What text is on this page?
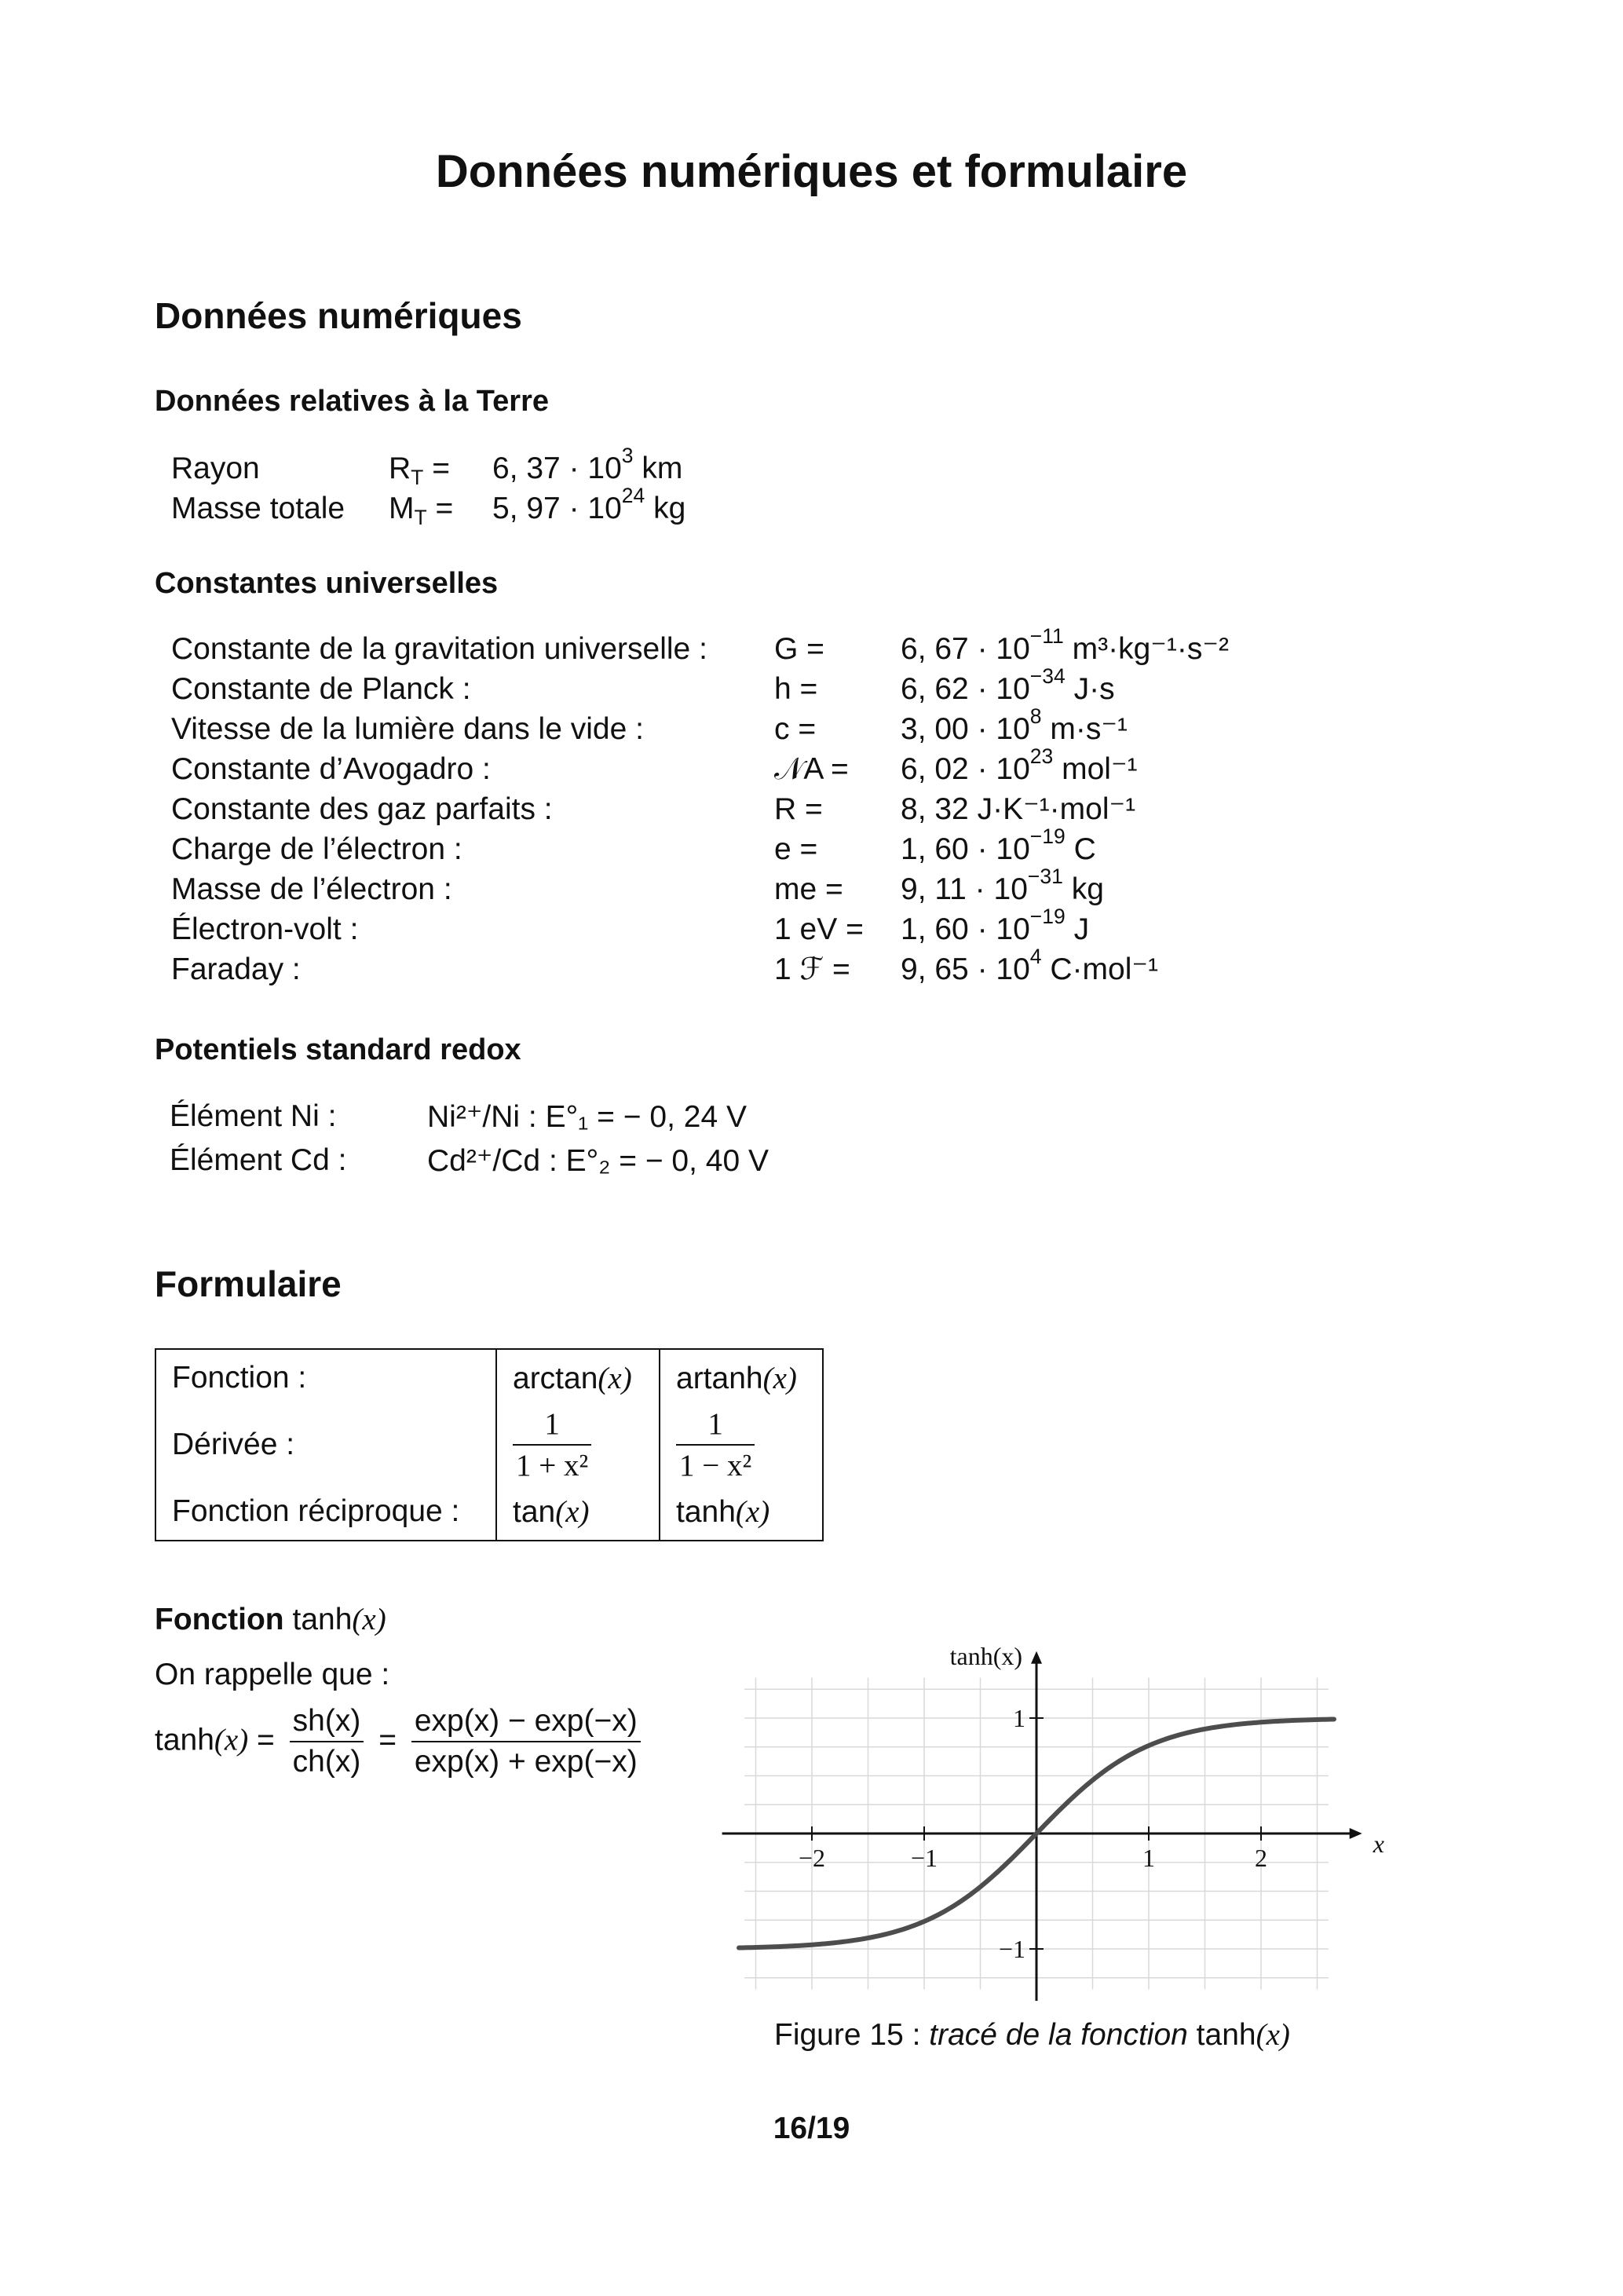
Données numériques et formulaire
Données numériques
Données relatives à la Terre
Rayon	$R_T$ =	6, $37 \cdot 10^3$ km
Masse totale	$M_T$ =	5, $97 \cdot 10^{24}$ kg
Constantes universelles
Constante de la gravitation universelle :	G =	6, $67 \cdot 10^{-11}$ m³·kg⁻¹·s⁻²
Constante de Planck :	h =	6, $62 \cdot 10^{-34}$ J·s
Vitesse de la lumière dans le vide :	c =	3, $00 \cdot 10^8$ m·s⁻¹
Constante d’Avogadro :	𝒩A =	6, $02 \cdot 10^{23}$ mol⁻¹
Constante des gaz parfaits :	R =	8, 32 J·K⁻¹·mol⁻¹
Charge de l’électron :	e =	1, $60 \cdot 10^{-19}$ C
Masse de l’électron :	me =	9, $11 \cdot 10^{-31}$ kg
Électron-volt :	1 eV =	1, $60 \cdot 10^{-19}$ J
Faraday :	1 ℱ =	9, $65 \cdot 10^4$ C·mol⁻¹
Potentiels standard redox
Élément Ni :	Ni²⁺/Ni : E°₁ = − 0, 24 V
Élément Cd :	Cd²⁺/Cd : E°₂ = − 0, 40 V
Formulaire
Fonction :	arctan(x)	artanh(x)
Dérivée :	$\frac{1}{\text{1 + x²}}$	$\frac{1}{\text{1 − x²}}$

Fonction réciproque :	tan(x)	tanh(x)
Fonction tanh(x)
On rappelle que :
$\tanh(x) = \frac{sh(x)}{ch(x)} = \frac{\exp(x) - \exp(-x)}{\exp(x) + \exp(-x)}$
−2	−1	1	2
1
−1
tanh(x)
x
Figure 15 : tracé de la fonction tanh(x)
16/19
